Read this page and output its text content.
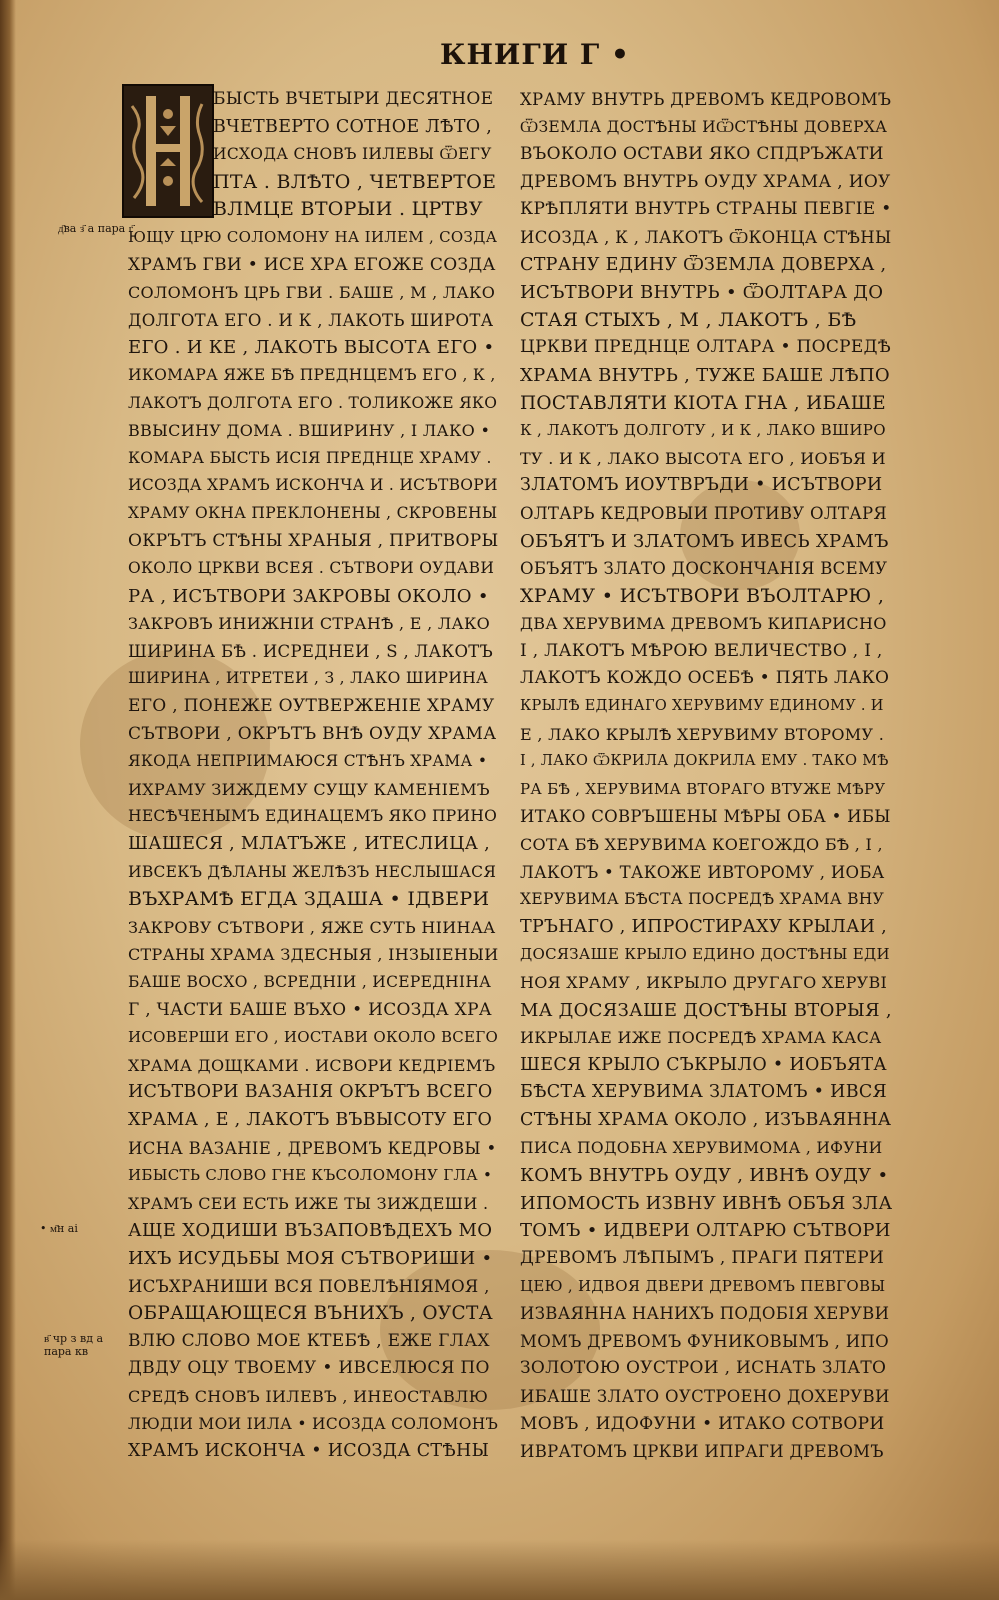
КНИГИ Г •
д҃ва з҃ а пара г҃
• м҃н аі
в҃ чр з вд а пара кв
БЫСТЬ ВЧЕТЫРИ ДЕСЯТНОЕ
ВЧЕТВЕРТО СОТНОЕ ЛѢТО ,
ИСХОДА СНОВЪ ІИЛЕВЫ ѾЕГУ
ПТА . ВЛѢТО , ЧЕТВЕРТОЕ
ВЛМЦЕ ВТОРЫИ . ЦРТВУ
ЮЩУ ЦРЮ СОЛОМОНУ НА ІИЛЕМ , СОЗДА
ХРАМЪ ГВИ • ИСЕ ХРА ЕГОЖЕ СОЗДА
СОЛОМОНЪ ЦРЬ ГВИ . БАШЕ , М , ЛАКО
ДОЛГОТА ЕГО . И К , ЛАКОТЬ ШИРОТА
ЕГО . И КЕ , ЛАКОТЬ ВЫСОТА ЕГО •
ИКОМАРА ЯЖЕ БѢ ПРЕДНЦЕМЪ ЕГО , К ,
ЛАКОТЪ ДОЛГОТА ЕГО . ТОЛИКОЖЕ ЯКО
ВВЫСИНУ ДОМА . ВШИРИНУ , І ЛАКО •
КОМАРА БЫСТЬ ИСІЯ ПРЕДНЦЕ ХРАМУ .
ИСОЗДА ХРАМЪ ИСКОНЧА И . ИСЪТВОРИ
ХРАМУ ОКНА ПРЕКЛОНЕНЫ , СКРОВЕНЫ
ОКРЪТЪ СТѢНЫ ХРАНЫЯ , ПРИТВОРЫ
ОКОЛО ЦРКВИ ВСЕЯ . СЪТВОРИ ОУДАВИ
РА , ИСЪТВОРИ ЗАКРОВЫ ОКОЛО •
ЗАКРОВЪ ИНИЖНІИ СТРАНѢ , Е , ЛАКО
ШИРИНА БѢ . ИСРЕДНЕИ , Ѕ , ЛАКОТЪ
ШИРИНА , ИТРЕТЕИ , З , ЛАКО ШИРИНА
ЕГО , ПОНЕЖЕ ОУТВЕРЖЕНІЕ ХРАМУ
СЪТВОРИ , ОКРЪТЪ ВНѢ ОУДУ ХРАМА
ЯКОДА НЕПРІИМАЮСЯ СТѢНЪ ХРАМА •
ИХРАМУ ЗИЖДЕМУ СУЩУ КАМЕНІЕМЪ
НЕСѢЧЕНЫМЪ ЕДИНАЦЕМЪ ЯКО ПРИНО
ШАШЕСЯ , МЛАТЪЖЕ , ИТЕСЛИЦА ,
ИВСЕКЪ ДѢЛАНЫ ЖЕЛѢЗЪ НЕСЛЫШАСЯ
ВЪХРАМѢ ЕГДА ЗДАША • ІДВЕРИ
ЗАКРОВУ СЪТВОРИ , ЯЖЕ СУТЬ НІИНАА
СТРАНЫ ХРАМА ЗДЕСНЫЯ , ІНЗЫІЕНЫИ
БАШЕ ВОСХО , ВСРЕДНІИ , ИСЕРЕДНІНА
Г , ЧАСТИ БАШЕ ВЪХО • ИСОЗДА ХРА
ИСОВЕРШИ ЕГО , ИОСТАВИ ОКОЛО ВСЕГО
ХРАМА ДОЩКАМИ . ИСВОРИ КЕДРІЕМЪ
ИСЪТВОРИ ВАЗАНІЯ ОКРЪТЪ ВСЕГО
ХРАМА , Е , ЛАКОТЪ ВЪВЫСОТУ ЕГО
ИСНА ВАЗАНІЕ , ДРЕВОМЪ КЕДРОВЫ •
ИБЫСТЬ СЛОВО ГНЕ КЪСОЛОМОНУ ГЛА •
ХРАМЪ СЕИ ЕСТЬ ИЖЕ ТЫ ЗИЖДЕШИ .
АЩЕ ХОДИШИ ВЪЗАПОВѢДЕХЪ МО
ИХЪ ИСУДЬБЫ МОЯ СЪТВОРИШИ •
ИСЪХРАНИШИ ВСЯ ПОВЕЛѢНІЯМОЯ ,
ОБРАЩАЮЩЕСЯ ВЪНИХЪ , ОУСТА
ВЛЮ СЛОВО МОЕ КТЕБѢ , ЕЖЕ ГЛАХ
ДВДУ ОЦУ ТВОЕМУ • ИВСЕЛЮСЯ ПО
СРЕДѢ СНОВЪ ІИЛЕВЪ , ИНЕОСТАВЛЮ
ЛЮДІИ МОИ ІИЛА • ИСОЗДА СОЛОМОНЪ
ХРАМЪ ИСКОНЧА • ИСОЗДА СТѢНЫ
ХРАМУ ВНУТРЬ ДРЕВОМЪ КЕДРОВОМЪ
ѾЗЕМЛА ДОСТѢНЫ ИѾСТѢНЫ ДОВЕРХА
ВЪОКОЛО ОСТАВИ ЯКО СПДРЪЖАТИ
ДРЕВОМЪ ВНУТРЬ ОУДУ ХРАМА , ИОУ
КРѢПЛЯТИ ВНУТРЬ СТРАНЫ ПЕВГІЕ •
ИСОЗДА , К , ЛАКОТЪ ѾКОНЦА СТѢНЫ
СТРАНУ ЕДИНУ ѾЗЕМЛА ДОВЕРХА ,
ИСЪТВОРИ ВНУТРЬ • ѾОЛТАРА ДО
СТАЯ СТЫХЪ , М , ЛАКОТЪ , БѢ
ЦРКВИ ПРЕДНЦЕ ОЛТАРА • ПОСРЕДѢ
ХРАМА ВНУТРЬ , ТУЖЕ БАШЕ ЛѢПО
ПОСТАВЛЯТИ КІОТА ГНА , ИБАШЕ
К , ЛАКОТЪ ДОЛГОТУ , И К , ЛАКО ВШИРО
ТУ . И К , ЛАКО ВЫСОТА ЕГО , ИОБЪЯ И
ЗЛАТОМЪ ИОУТВРЪДИ • ИСЪТВОРИ
ОЛТАРЬ КЕДРОВЫИ ПРОТИВУ ОЛТАРЯ
ОБЪЯТЪ И ЗЛАТОМЪ ИВЕСЬ ХРАМЪ
ОБЪЯТЪ ЗЛАТО ДОСКОНЧАНІЯ ВСЕМУ
ХРАМУ • ИСЪТВОРИ ВЪОЛТАРЮ ,
ДВА ХЕРУВИМА ДРЕВОМЪ КИПАРИСНО
І , ЛАКОТЪ МѢРОЮ ВЕЛИЧЕСТВО , І ,
ЛАКОТЪ КОЖДО ОСЕБѢ • ПЯТЬ ЛАКО
КРЫЛѢ ЕДИНАГО ХЕРУВИМУ ЕДИНОМУ . И
Е , ЛАКО КРЫЛѢ ХЕРУВИМУ ВТОРОМУ .
І , ЛАКО ѾКРИЛА ДОКРИЛА ЕМУ . ТАКО МѢ
РА БѢ , ХЕРУВИМА ВТОРАГО ВТУЖЕ МѢРУ
ИТАКО СОВРЪШЕНЫ МѢРЫ ОБА • ИБЫ
СОТА БѢ ХЕРУВИМА КОЕГОЖДО БѢ , І ,
ЛАКОТЪ • ТАКОЖЕ ИВТОРОМУ , ИОБА
ХЕРУВИМА БѢСТА ПОСРЕДѢ ХРАМА ВНУ
ТРЪНАГО , ИПРОСТИРАХУ КРЫЛАИ ,
ДОСЯЗАШЕ КРЫЛО ЕДИНО ДОСТѢНЫ ЕДИ
НОЯ ХРАМУ , ИКРЫЛО ДРУГАГО ХЕРУВІ
МА ДОСЯЗАШЕ ДОСТѢНЫ ВТОРЫЯ ,
ИКРЫЛАЕ ИЖЕ ПОСРЕДѢ ХРАМА КАСА
ШЕСЯ КРЫЛО СЪКРЫЛО • ИОБЪЯТА
БѢСТА ХЕРУВИМА ЗЛАТОМЪ • ИВСЯ
СТѢНЫ ХРАМА ОКОЛО , ИЗЪВАЯННА
ПИСА ПОДОБНА ХЕРУВИМОМА , ИФУНИ
КОМЪ ВНУТРЬ ОУДУ , ИВНѢ ОУДУ •
ИПОМОСТЬ ИЗВНУ ИВНѢ ОБЪЯ ЗЛА
ТОМЪ • ИДВЕРИ ОЛТАРЮ СЪТВОРИ
ДРЕВОМЪ ЛѢПЫМЪ , ПРАГИ ПЯТЕРИ
ЦЕЮ , ИДВОЯ ДВЕРИ ДРЕВОМЪ ПЕВГОВЫ
ИЗВАЯННА НАНИХЪ ПОДОБІЯ ХЕРУВИ
МОМЪ ДРЕВОМЪ ФУНИКОВЫМЪ , ИПО
ЗОЛОТОЮ ОУСТРОИ , ИСНАТЬ ЗЛАТО
ИБАШЕ ЗЛАТО ОУСТРОЕНО ДОХЕРУВИ
МОВЪ , ИДОФУНИ • ИТАКО СОТВОРИ
ИВРАТОМЪ ЦРКВИ ИПРАГИ ДРЕВОМЪ
